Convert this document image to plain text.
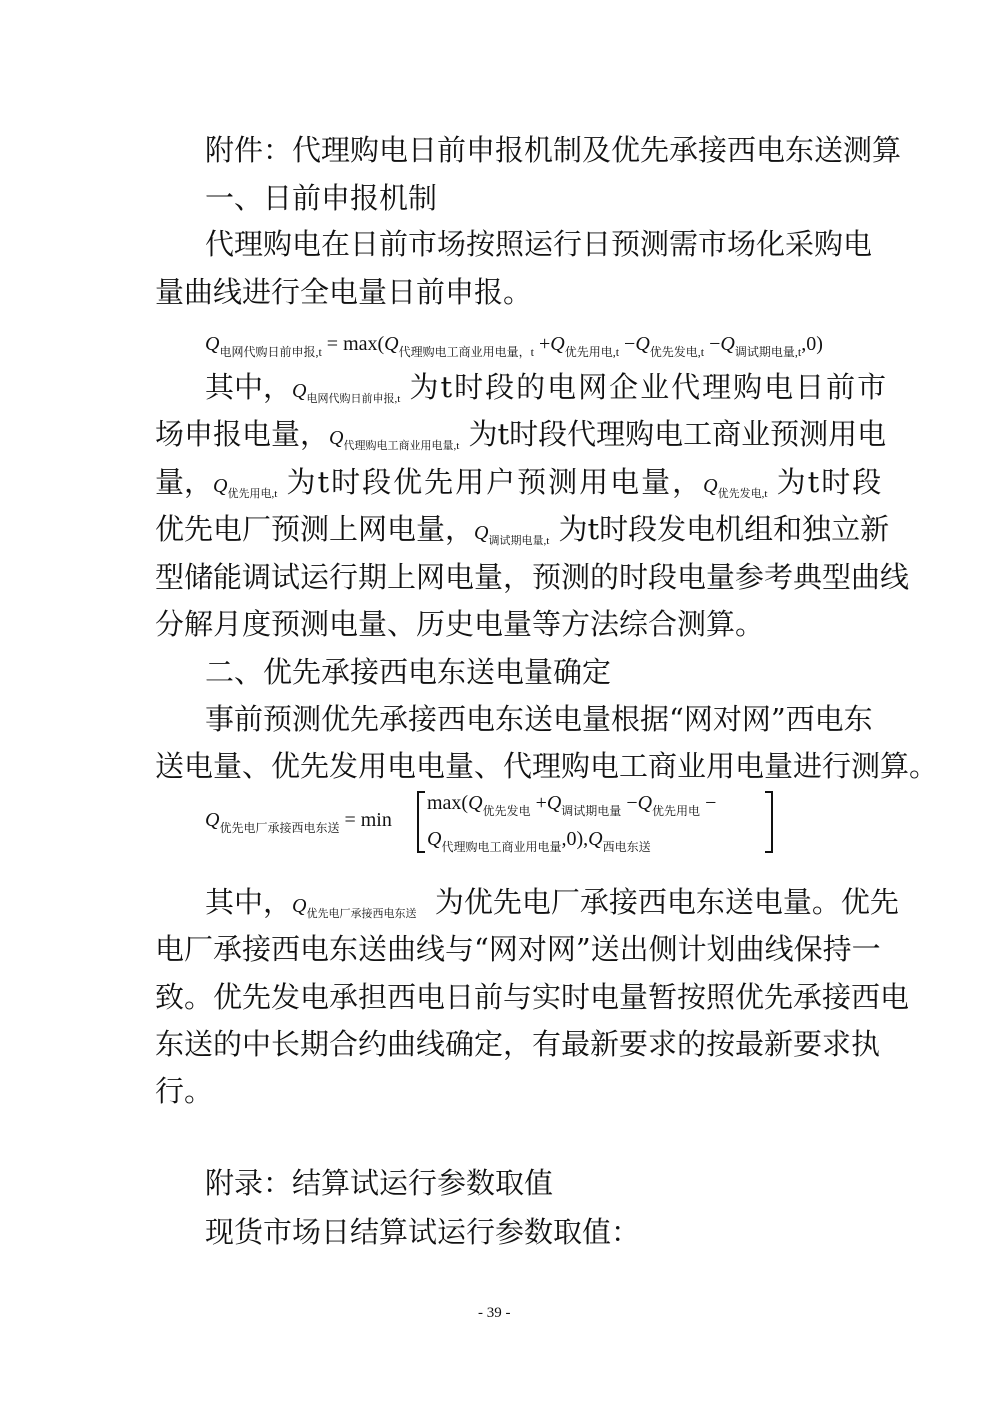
附件：代理购电日前申报机制及优先承接西电东送测算
一、日前申报机制
代理购电在日前市场按照运行日预测需市场化采购电
量曲线进行全电量日前申报。
$Q_{电网代购日前申报,t} = \max(Q_{代理购电工商业用电量,t} +Q_{优先用电,t} -Q_{优先发电,t} -Q_{调试期电量,t},0)$
其中，$Q_{电网代购日前申报,t}$ 为t时段的电网企业代理购电日前市
场申报电量，$Q_{代理购电工商业用电量,t}$ 为t时段代理购电工商业预测用电
量，$Q_{优先用电,t}$ 为t时段优先用户预测用电量，$Q_{优先发电,t}$ 为t时段
优先电厂预测上网电量，$Q_{调试期电量,t}$ 为t时段发电机组和独立新
型储能调试运行期上网电量，预测的时段电量参考典型曲线
分解月度预测电量、历史电量等方法综合测算。
二、优先承接西电东送电量确定
事前预测优先承接西电东送电量根据“网对网”西电东
送电量、优先发用电电量、代理购电工商业用电量进行测算。
$Q_{优先电厂承接西电东送} = \min$
$\max(Q_{优先发电} +Q_{调试期电量} -Q_{优先用电}$ −
$Q_{代理购电工商业用电量},0),Q_{西电东送}$
其中，$Q_{优先电厂承接西电东送}$ 为优先电厂承接西电东送电量。优先
电厂承接西电东送曲线与“网对网”送出侧计划曲线保持一
致。优先发电承担西电日前与实时电量暂按照优先承接西电
东送的中长期合约曲线确定，有最新要求的按最新要求执
行。
附录：结算试运行参数取值
现货市场日结算试运行参数取值：
- 39 -
